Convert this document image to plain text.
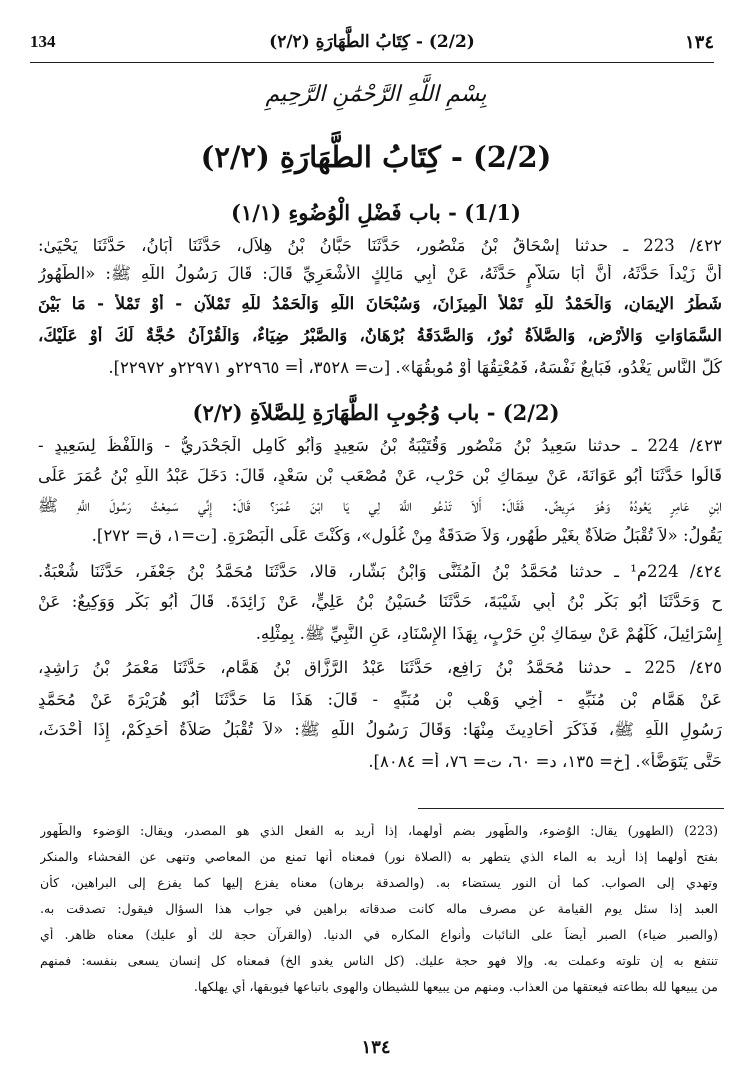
134	(2/2) - كِتَابُ الطَّهَارَةِ (٢/٢)	١٣٤
بِسْمِ اللَّهِ الرَّحْمَٰنِ الرَّحِيمِ
(2/2) - كِتَابُ الطَّهَارَةِ (٢/٢)
(1/1) - باب فَضْلِ الْوُضُوءِ (١/١)
٤٢٢/ 223 ـ حدثنا إِسْحَاقُ بْنُ مَنْصُورٍ، حَدَّثَنَا حَبَّانُ بْنُ هِلاَلٍ، حَدَّثَنَا أَبَانُ، حَدَّثَنَا يَحْيَىٰ:
أَنَّ زَيْداً حَدَّثَهُ، أَنَّ أَبَا سَلاَّمٍ حَدَّثَهُ، عَنْ أَبِي مَالِكٍ الأَشْعَرِيِّ قَالَ: قَالَ رَسُولُ اللَّهِ ﷺ: «الطُّهُورُ
شَطْرُ الإِيمَانِ، وَالْحَمْدُ للَّهِ تَمْلأُ الْمِيزَانَ، وَسُبْحَانَ اللَّهِ وَالْحَمْدُ للَّهِ تَمْلآنِ - أَوْ تَمْلأُ - مَا بَيْنَ
السَّمَاوَاتِ وَالأَرْضِ، وَالصَّلاَةُ نُورٌ، وَالصَّدَقَةُ بُرْهَانٌ، وَالصَّبْرُ ضِيَاءٌ، وَالْقُرْآنُ حُجَّةٌ لَكَ أَوْ عَلَيْكَ،
كُلُّ النَّاسِ يَغْدُو، فَبَايِعٌ نَفْسَهُ، فَمُعْتِقُهَا أَوْ مُوبِقُهَا». [ت= ٣٥٢٨، أ= ٢٢٩٦٥و ٢٢٩٧١و ٢٢٩٧٢].
(2/2) - باب وُجُوبِ الطَّهَارَةِ لِلصَّلاَةِ (٢/٢)
٤٢٣/ 224 ـ حدثنا سَعِيدُ بْنُ مَنْصُورٍ وَقُتَيْبَةُ بْنُ سَعِيدٍ وَأَبُو كَامِلٍ الْجَحْدَرِيُّ - وَاللَّفْظُ لِسَعِيدٍ -
قَالُوا حَدَّثَنَا أَبُو عَوَانَةَ، عَنْ سِمَاكِ بْنِ حَرْبٍ، عَنْ مُصْعَبِ بْنِ سَعْدٍ، قَالَ: دَخَلَ عَبْدُ اللَّهِ بْنُ عُمَرَ عَلَى
ابْنِ عَامِرٍ يَعُودُهُ وَهُوَ مَرِيضٌ. فَقَالَ: أَلاَ تَدْعُو اللَّهَ لِي يَا ابْنَ عُمَرَ؟ قَالَ: إِنِّي سَمِعْتُ رَسُولَ اللَّهِ ﷺ
يَقُولُ: «لاَ تُقْبَلُ صَلاَةٌ بِغَيْرِ طُهُورٍ، وَلاَ صَدَقَةٌ مِنْ غُلُولٍ»، وَكُنْتَ عَلَى الْبَصْرَةِ. [ت=١، ق= ٢٧٢].
٤٢٤/ 224م¹ ـ حدثنا مُحَمَّدُ بْنُ الْمُثَنَّى وَابْنُ بَشَّارٍ، قالا، حَدَّثَنَا مُحَمَّدُ بْنُ جَعْفَرٍ، حَدَّثَنَا شُعْبَةُ.
ح وَحَدَّثَنَا أَبُو بَكْرِ بْنُ أَبِي شَيْبَةَ، حَدَّثَنَا حُسَيْنُ بْنُ عَلِيٍّ، عَنْ زَائِدَةَ. قَالَ أَبُو بَكْرٍ وَوَكِيعٌ: عَنْ
إِسْرَائِيلَ، كُلُّهُمْ عَنْ سِمَاكِ بْنِ حَرْبٍ، بِهَذَا الإِسْنَادِ، عَنِ النَّبِيِّ ﷺ. بِمِثْلِهِ.
٤٢٥/ 225 ـ حدثنا مُحَمَّدُ بْنُ رَافِعٍ، حَدَّثَنَا عَبْدُ الرَّزَّاقِ بْنُ هَمَّامٍ، حَدَّثَنَا مَعْمَرُ بْنُ رَاشِدٍ،
عَنْ هَمَّامِ بْنِ مُنَبِّهٍ - أَخِي وَهْبِ بْنِ مُنَبِّهٍ - قَالَ: هَذَا مَا حَدَّثَنَا أَبُو هُرَيْرَةَ عَنْ مُحَمَّدٍ
رَسُولِ اللَّهِ ﷺ، فَذَكَرَ أَحَادِيثَ مِنْهَا: وَقَالَ رَسُولُ اللَّهِ ﷺ: «لاَ تُقْبَلُ صَلاَةُ أَحَدِكُمْ، إِذَا أَحْدَثَ،
حَتَّى يَتَوَضَّأَ». [خ= ١٣٥، د= ٦٠، ت= ٧٦، أ= ٨٠٨٤].
(223) (الطهور) يقال: الوُضوء، والطُّهور بضم أولهما، إذا أريد به الفعل الذي هو المصدر، ويقال: الوَضوء والطَّهور
بفتح أولهما إذا أريد به الماء الذي يتطهر به (الصلاة نور) فمعناه أنها تمنع من المعاصي وتنهى عن الفحشاء والمنكر
وتهدي إلى الصواب. كما أن النور يستضاء به. (والصدقة برهان) معناه يفزع إليها كما يفزع إلى البراهين، كأن
العبد إذا سئل يوم القيامة عن مصرف ماله كانت صدقاته براهين في جواب هذا السؤال فيقول: تصدقت به.
(والصبر ضياء) الصبر أيضاً على النائبات وأنواع المكاره في الدنيا. (والقرآن حجة لك أو عليك) معناه ظاهر. أي
تنتفع به إن تلوته وعملت به. وإلا فهو حجة عليك. (كل الناس يغدو الخ) فمعناه كل إنسان يسعى بنفسه: فمنهم
من يبيعها لله بطاعته فيعتقها من العذاب. ومنهم من يبيعها للشيطان والهوى باتباعها فيوبقها، أي يهلكها.
١٣٤
